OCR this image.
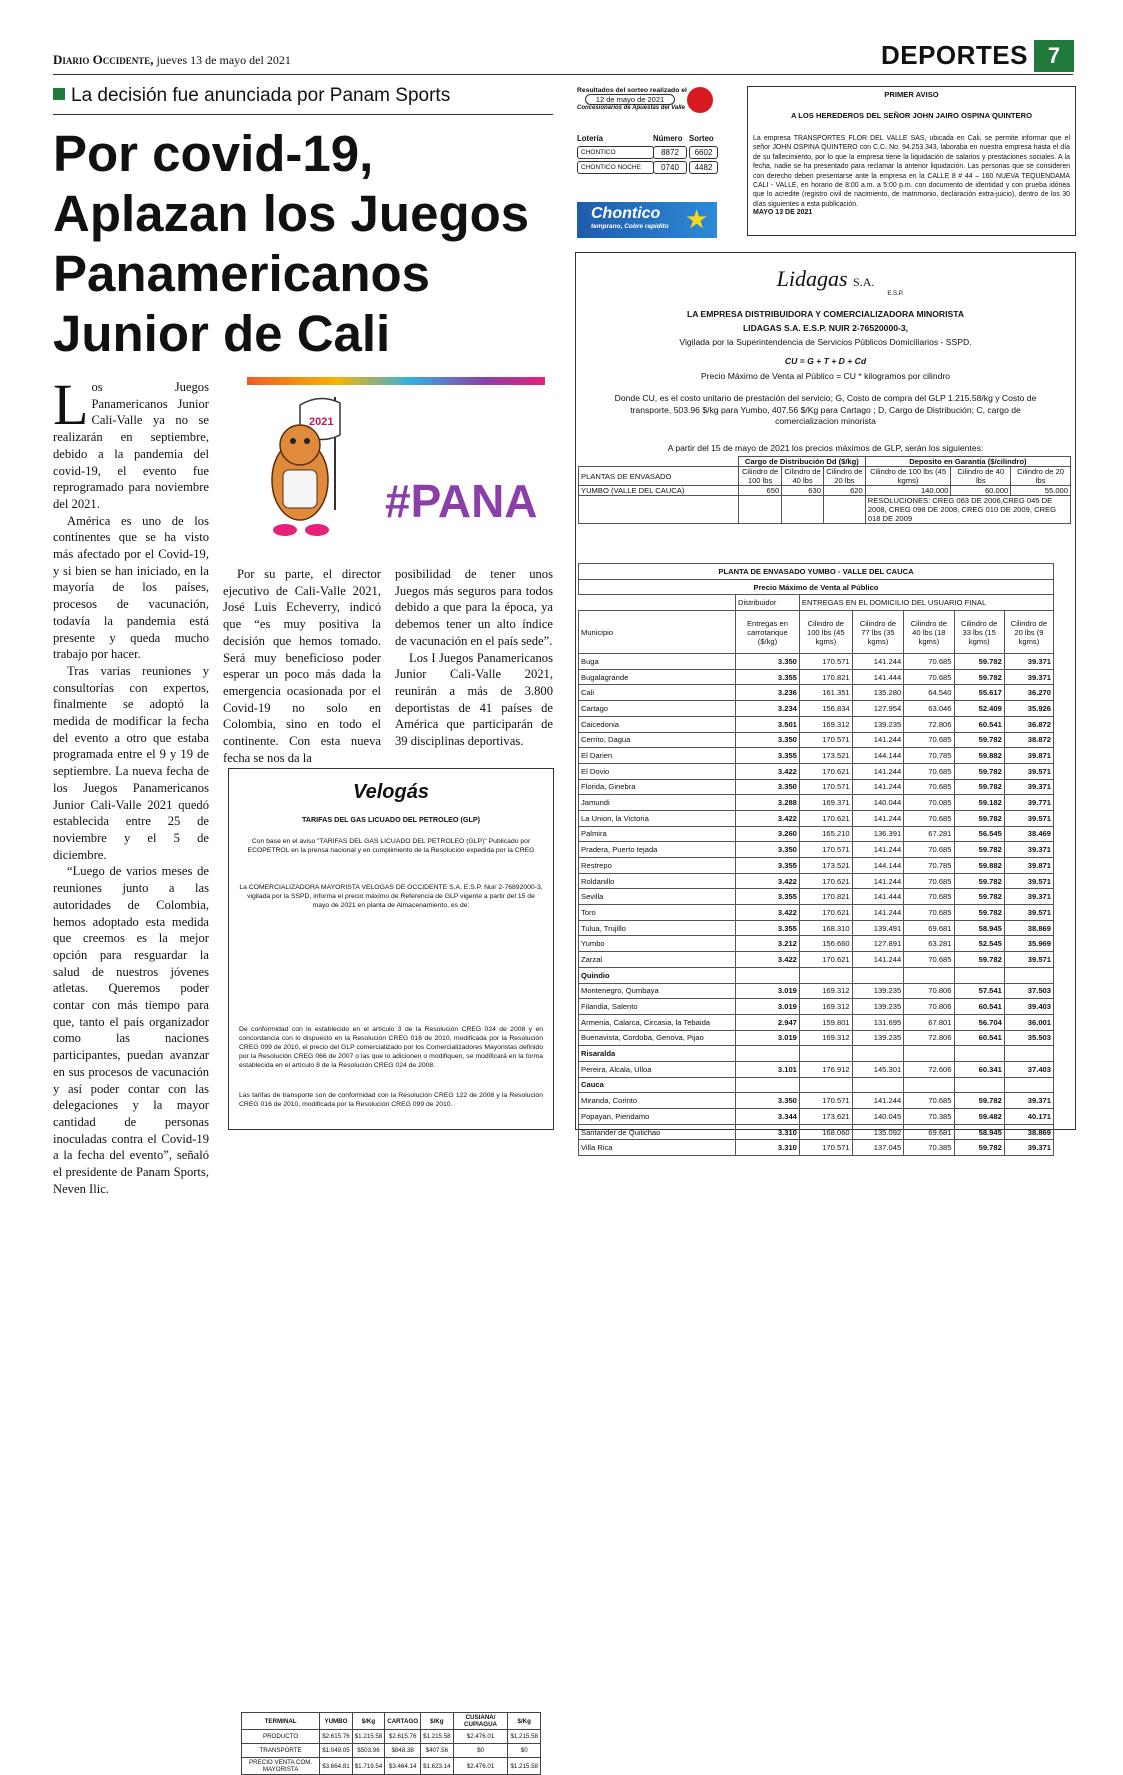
Diario Occidente, jueves 13 de mayo del 2021	DEPORTES 7
La decisión fue anunciada por Panam Sports
Por covid-19, Aplazan los Juegos Panamericanos Junior de Cali

Los Juegos Panamericanos Junior Cali-Valle ya no se realizarán en septiembre, debido a la pandemia del covid-19, el evento fue reprogramado para noviembre del 2021.

América es uno de los continentes que se ha visto más afectado por el Covid-19, y si bien se han iniciado, en la mayoría de los países, procesos de vacunación, todavía la pandemia está presente y queda mucho trabajo por hacer.

Tras varias reuniones y consultorías con expertos, finalmente se adoptó la medida de modificar la fecha del evento a otro que estaba programada entre el 9 y 19 de septiembre. La nueva fecha de los Juegos Panamericanos Junior Cali-Valle 2021 quedó establecida entre 25 de noviembre y el 5 de diciembre.

“Luego de varios meses de reuniones junto a las autoridades de Colombia, hemos adoptado esta medida que creemos es la mejor opción para resguardar la salud de nuestros jóvenes atletas. Queremos poder contar con más tiempo para que, tanto el país organizador como las naciones participantes, puedan avanzar en sus procesos de vacunación y así poder contar con las delegaciones y la mayor cantidad de personas inoculadas contra el Covid-19 a la fecha del evento”, señaló el presidente de Panam Sports, Neven Ilic.

Por su parte, el director ejecutivo de Cali-Valle 2021, José Luis Echeverry, indicó que “es muy positiva la decisión que hemos tomado. Será muy beneficioso poder esperar un poco más dada la emergencia ocasionada por el Covid-19 no solo en Colombia, sino en todo el continente. Con esta nueva fecha se nos da la

posibilidad de tener unos Juegos más seguros para todos debido a que para la época, ya debemos tener un alto índice de vacunación en el país sede”.

Los I Juegos Panamericanos Junior Cali-Valle 2021, reunirán a más de 3.800 deportistas de 41 países de América que participarán de 39 disciplinas deportivas.

2021
#PANA
Resultados del sorteo realizado el
12 de mayo de 2021
Concesionarios de Apuestas del Valle
Lotería	Número Sorteo
CHONTICO	8872	6602
CHONTICO NOCHE	0740	4482
Chontico
temprano, Cobre rapidito ★
PRIMER AVISO
A LOS HEREDEROS DEL SEÑOR JOHN JAIRO OSPINA QUINTERO
La empresa TRANSPORTES FLOR DEL VALLE SAS, ubicada en Cali, se permite informar que el señor JOHN OSPINA QUINTERO con C.C. No. 94.253.343, laboraba en nuestra empresa hasta el día de su fallecimiento, por lo que la empresa tiene la liquidación de salarios y prestaciones sociales. A la fecha, nadie se ha presentado para reclamar la anterior liquidación. Las personas que se consideren con derecho deben presentarse ante la empresa en la CALLE 8 # 44 – 160 NUEVA TEQUENDAMA CALI - VALLE, en horario de 8:00 a.m. a 5:00 p.m. con documento de identidad y con prueba idónea que lo acredite (registro civil de nacimiento, de matrimonio, declaración extra-juicio), dentro de los 30 días siguientes a esta publicación.
MAYO 13 DE 2021
Velogás
TARIFAS DEL GAS LICUADO DEL PETROLEO (GLP)
Con base en el aviso "TARIFAS DEL GAS LICUADO DEL PETROLEO (GLP)" Publicado por ECOPETROL en la prensa nacional y en cumplimiento de la Resolución expedida por la CREG
La COMERCIALIZADORA MAYORISTA VELOGAS DE OCCIDENTE S.A. E.S.P. Nuir 2-76892000-3, vigilada por la SSPD, informa el precio máximo de Referencia de GLP vigente a partir del 15 de mayo de 2021 en planta de Almacenamiento, es de:
TERMINAL	YUMBO	$/Kg	CARTAGO	$/Kg	CUSIANA/ CUPIAGUA	$/Kg
PRODUCTO	$2.615.76	$1.215.58	$2.615.76	$1.215.58	$2.476.01	$1.215.58
TRANSPORTE	$1.049.05	$503.96	$848.38	$407.56	$0	$0
PRECIO VENTA COM. MAYORISTA	$3.664.81	$1.719.54	$3.464.14	$1.623.14	$2.476.01	$1.215.58
De conformidad con lo establecido en el artículo 3 de la Resolución CREG 024 de 2008 y en concordancia con lo dispuesto en la Resolución CREG 016 de 2010, modificada por la Resolución CREG 099 de 2010, el precio del GLP comercializado por los Comercializadores Mayoristas definido por la Resolución CREG 066 de 2007 o las que lo adicionen o modifiquen, se modificará en la forma establecida en el artículo 8 de la Resolución CREG 024 de 2008.
Las tarifas de transporte son de conformidad con la Resolución CREG 122 de 2008 y la Resolución CREG 016 de 2010, modificada por la Resolución CREG 099 de 2010.
Lidagas S.A.
E.S.P.
LA EMPRESA DISTRIBUIDORA Y COMERCIALIZADORA MINORISTA
LIDAGAS S.A. E.S.P. NUIR 2-76520000-3,
Vigilada por la Superintendencia de Servicios Públicos Domiciliarios - SSPD.
CU = G + T + D + Cd
Precio Máximo de Venta al Público = CU * kilogramos por cilindro
Donde CU, es el costo unitario de prestación del servicio; G, Costo de compra del GLP 1.215.58/kg y Costo de transporte, 503.96 $/kg para Yumbo, 407.56 $/Kg para Cartago ; D, Cargo de Distribución; C, cargo de comercializacion minorista
A partir del 15 de mayo de 2021 los precios máximos de GLP, serán los siguientes:
	Cargo de Distribución Dd ($/kg)			Deposito en Garantía ($/cilindro)		
PLANTAS DE ENVASADO	Cilindro de 100 lbs	Cilindro de 40 lbs	Cilindro de 20 lbs	Cilindro de 100 lbs (45 kgms)	Cilindro de 40 lbs	Cilindro de 20 lbs
YUMBO (VALLE DEL CAUCA)	650	630	620	140.000	60.000	55.000
				RESOLUCIONES: CREG 063 DE 2006,CREG 045 DE 2008, CREG 098 DE 2008, CREG 010 DE 2009, CREG 018 DE 2009		
PLANTA DE ENVASADO YUMBO - VALLE DEL CAUCA						
Precio Máximo de Venta al Público						
	Distribuidor	ENTREGAS EN EL DOMICILIO DEL USUARIO FINAL				
Municipio	Entregas en carrotanque ($/kg)	Cilindro de 100 lbs (45 kgms)	Cilindro de 77 lbs (35 kgms)	Cilindro de 40 lbs (18 kgms)	Cilindro de 33 lbs (15 kgms)	Cilindro de 20 lbs (9 kgms)
Buga	3.350	170.571	141.244	70.685	59.782	39.371
Bugalagrande	3.355	170.821	141.444	70.685	59.782	39.371
Cali	3.236	161.351	135.280	64.540	55.617	36.270
Cartago	3.234	156.834	127.954	63.046	52.409	35.926
Caicedonia	3.501	169.312	139.235	72.806	60.541	36.872
Cerrito, Dagua	3.350	170.571	141.244	70.685	59.782	38.872
El Darien	3.355	173.521	144.144	70.785	59.882	39.871
El Dovio	3.422	170.621	141.244	70.685	59.782	39.571
Florida, Ginebra	3.350	170.571	141.244	70.685	59.782	39.371
Jamundi	3.288	169.371	140.044	70.085	59.182	39.771
La Union, la Victoria	3.422	170.621	141.244	70.685	59.782	39.571
Palmira	3.260	165.210	136.391	67.281	56.545	38.469
Pradera, Puerto tejada	3.350	170.571	141.244	70.685	59.782	39.371
Restrepo	3.355	173.521	144.144	70.785	59.882	39.871
Roldanillo	3.422	170.621	141.244	70.685	59.782	39.571
Sevilla	3.355	170.821	141.444	70.685	59.782	39.371
Toro	3.422	170.621	141.244	70.685	59.782	39.571
Tulua, Trujillo	3.355	168.310	139.491	69.681	58.945	38.869
Yumbo	3.212	156.660	127.891	63.281	52.545	35.969
Zarzal	3.422	170.621	141.244	70.685	59.782	39.571
Quindio						
Montenegro, Qumbaya	3.019	169.312	139.235	70.806	57.541	37.503
Filandia, Salento	3.019	169.312	139.235	70.806	60.541	39.403
Armenia, Calarca, Circasia, la Tebaida	2.947	159.801	131.695	67.801	56.704	36.001
Buenavista, Cordoba, Genova, Pijao	3.019	169.312	139.235	72.806	60.541	35.503
Risaralda						
Pereira, Alcala, Ulloa	3.101	176.912	145.301	72.606	60.341	37.403
Cauca						
Miranda, Corinto	3.350	170.571	141.244	70.685	59.782	39.371
Popayan, Piendamo	3.344	173.621	140.045	70.385	59.482	40.171
Santander de Quilichao	3.310	168.060	135.092	69.681	58.945	38.869
Villa Rica	3.310	170.571	137.045	70.385	59.782	39.371
